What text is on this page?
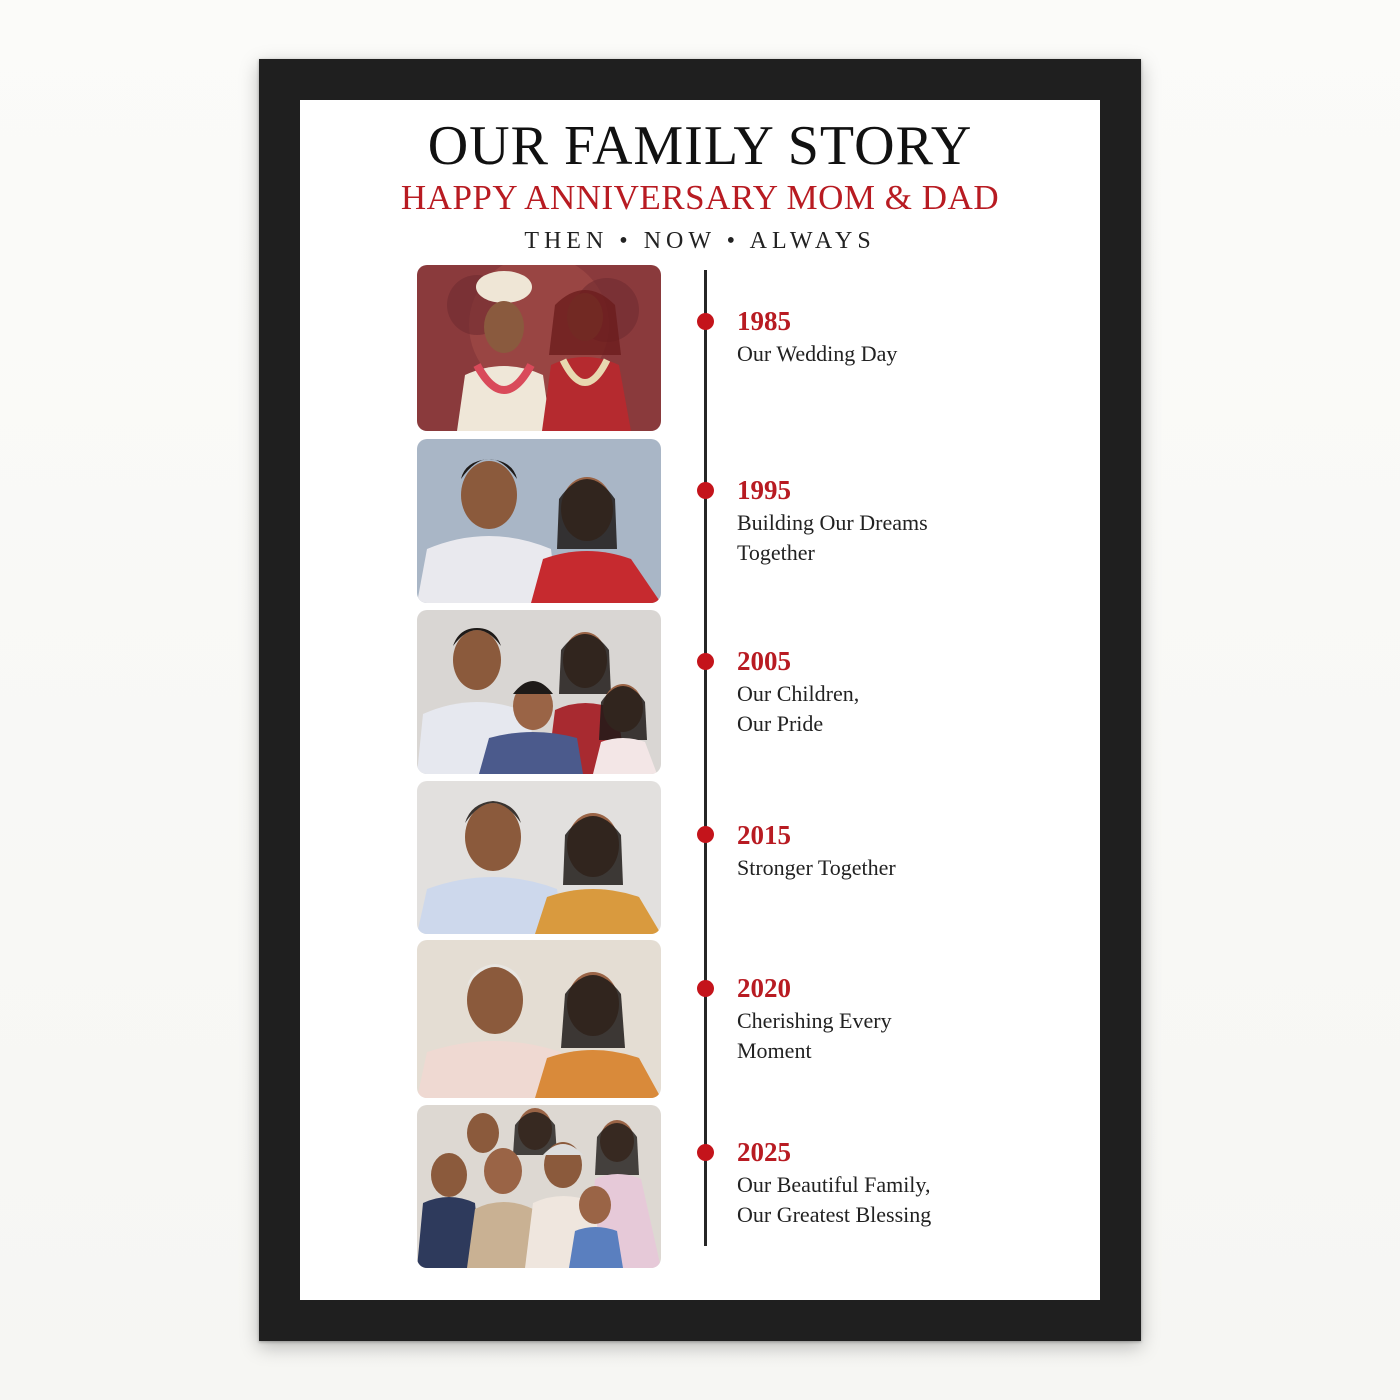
OUR FAMILY STORY
HAPPY ANNIVERSARY MOM & DAD
THEN • NOW • ALWAYS
1985
Our Wedding Day
1995
Building Our Dreams
Together
2005
Our Children,
Our Pride
2015
Stronger Together
2020
Cherishing Every
Moment
2025
Our Beautiful Family,
Our Greatest Blessing
